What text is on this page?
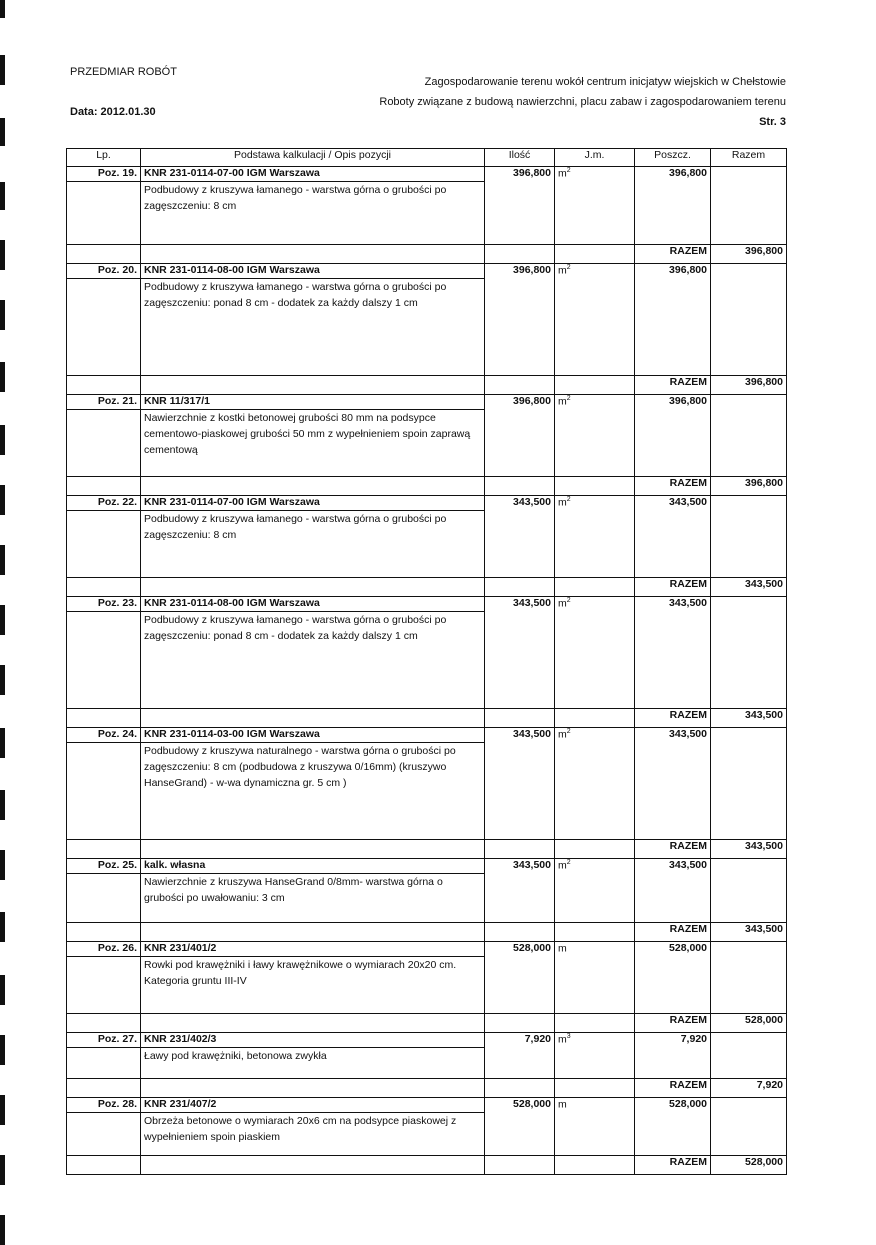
PRZEDMIAR ROBÓT
Zagospodarowanie terenu wokół centrum inicjatyw wiejskich w Chełstowie
Roboty związane z budową nawierzchni, placu zabaw i zagospodarowaniem terenu
Data: 2012.01.30
Str. 3
Lp.	Podstawa kalkulacji / Opis pozycji	Ilość	J.m.	Poszcz.	Razem
Poz. 19.	KNR 231-0114-07-00 IGM Warszawa	396,800	$m^2$	396,800	
	Podbudowy z kruszywa łamanego - warstwa górna o grubości po zagęszczeniu: 8 cm				
				RAZEM	396,800
Poz. 20.	KNR 231-0114-08-00 IGM Warszawa	396,800	$m^2$	396,800	
	Podbudowy z kruszywa łamanego - warstwa górna o grubości po zagęszczeniu: ponad 8 cm - dodatek za każdy dalszy 1 cm				
				RAZEM	396,800
Poz. 21.	KNR 11/317/1	396,800	$m^2$	396,800	
	Nawierzchnie z kostki betonowej grubości 80 mm na podsypce cementowo-piaskowej grubości 50 mm z wypełnieniem spoin zaprawą cementową				
				RAZEM	396,800
Poz. 22.	KNR 231-0114-07-00 IGM Warszawa	343,500	$m^2$	343,500	
	Podbudowy z kruszywa łamanego - warstwa górna o grubości po zagęszczeniu: 8 cm				
				RAZEM	343,500
Poz. 23.	KNR 231-0114-08-00 IGM Warszawa	343,500	$m^2$	343,500	
	Podbudowy z kruszywa łamanego - warstwa górna o grubości po zagęszczeniu: ponad 8 cm - dodatek za każdy dalszy 1 cm				
				RAZEM	343,500
Poz. 24.	KNR 231-0114-03-00 IGM Warszawa	343,500	$m^2$	343,500	
	Podbudowy z kruszywa naturalnego - warstwa górna o grubości po zagęszczeniu: 8 cm (podbudowa z kruszywa 0/16mm) (kruszywo HanseGrand) - w-wa dynamiczna gr. 5 cm )				
				RAZEM	343,500
Poz. 25.	kalk. własna	343,500	$m^2$	343,500	
	Nawierzchnie z kruszywa HanseGrand 0/8mm- warstwa górna o grubości po uwałowaniu: 3 cm				
				RAZEM	343,500
Poz. 26.	KNR 231/401/2	528,000	m	528,000	
	Rowki pod krawężniki i ławy krawężnikowe o wymiarach 20x20 cm. Kategoria gruntu III-IV				
				RAZEM	528,000
Poz. 27.	KNR 231/402/3	7,920	$m^3$	7,920	
	Ławy pod krawężniki, betonowa zwykła				
				RAZEM	7,920
Poz. 28.	KNR 231/407/2	528,000	m	528,000	
	Obrzeża betonowe o wymiarach 20x6 cm na podsypce piaskowej z wypełnieniem spoin piaskiem				
				RAZEM	528,000
